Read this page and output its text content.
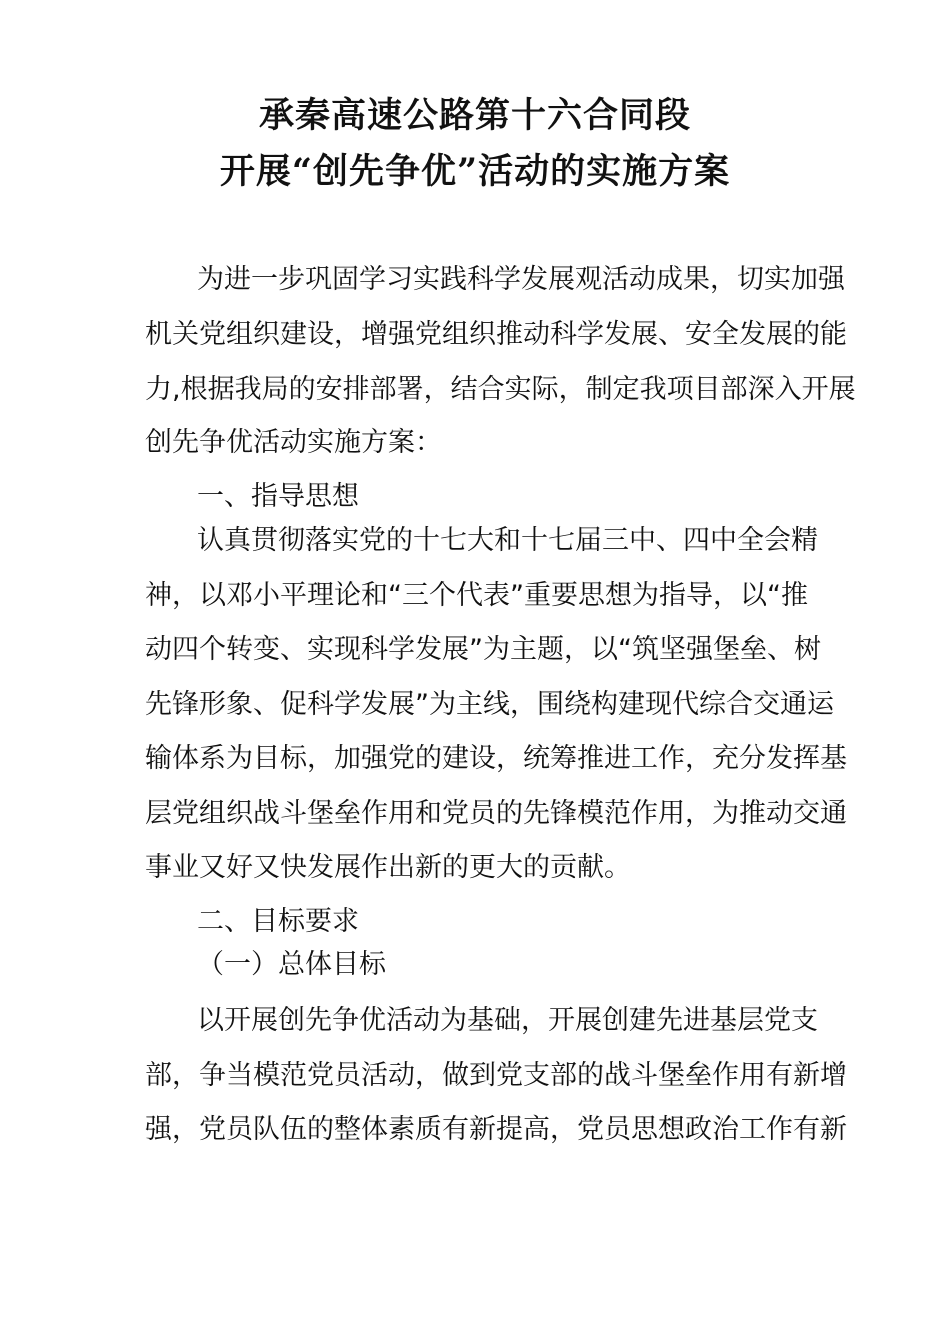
承秦高速公路第十六合同段
开展“创先争优”活动的实施方案
为进一步巩固学习实践科学发展观活动成果，切实加强
机关党组织建设，增强党组织推动科学发展、安全发展的能
力,根据我局的安排部署，结合实际，制定我项目部深入开展
创先争优活动实施方案：
一、指导思想
认真贯彻落实党的十七大和十七届三中、四中全会精
神，以邓小平理论和“三个代表”重要思想为指导，以“推
动四个转变、实现科学发展”为主题，以“筑坚强堡垒、树
先锋形象、促科学发展”为主线，围绕构建现代综合交通运
输体系为目标，加强党的建设，统筹推进工作，充分发挥基
层党组织战斗堡垒作用和党员的先锋模范作用，为推动交通
事业又好又快发展作出新的更大的贡献。
二、目标要求
（一）总体目标
以开展创先争优活动为基础，开展创建先进基层党支
部，争当模范党员活动，做到党支部的战斗堡垒作用有新增
强，党员队伍的整体素质有新提高，党员思想政治工作有新
